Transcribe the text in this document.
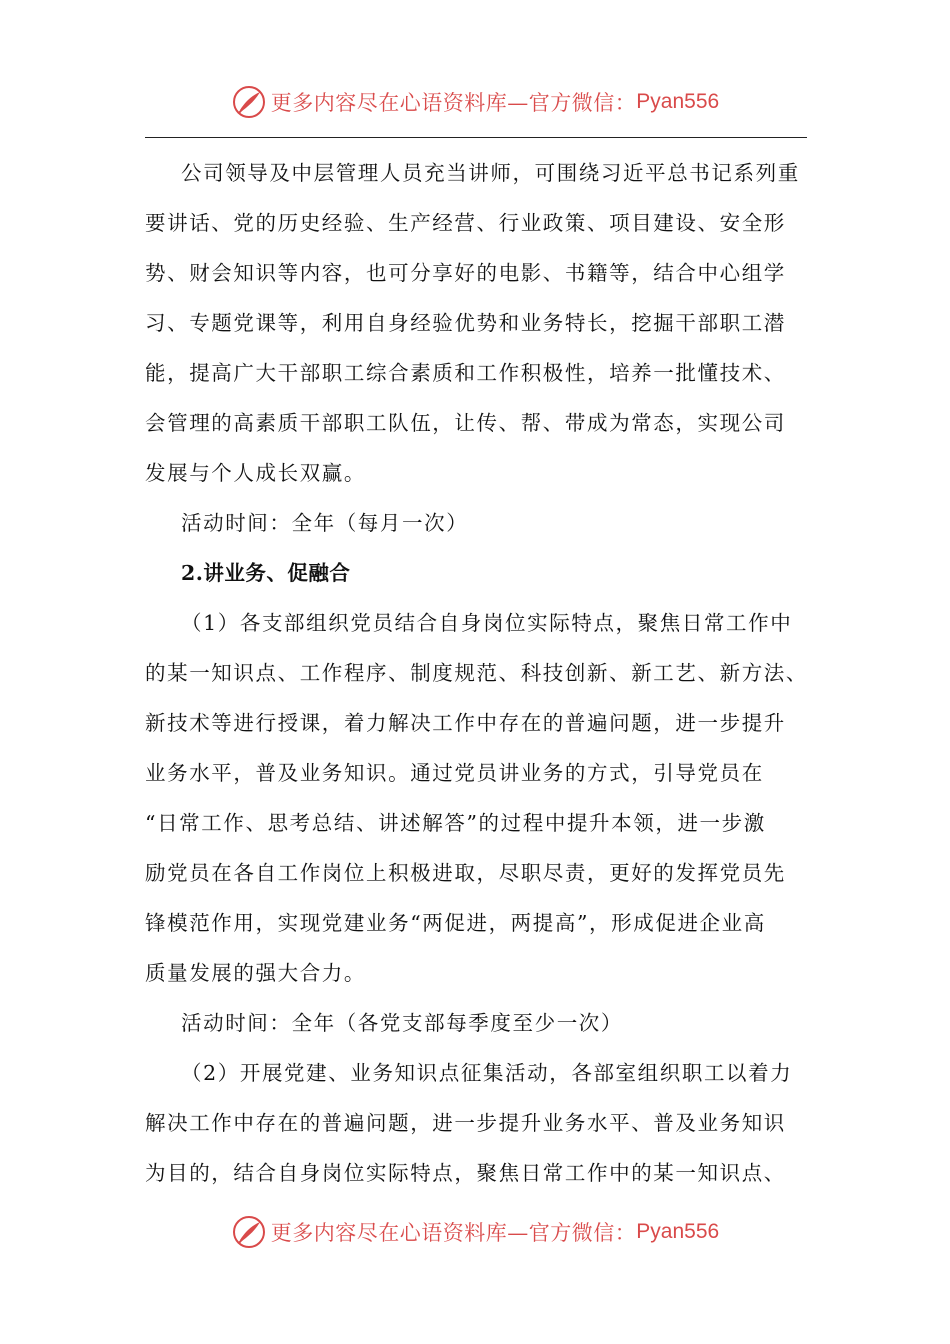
更多内容尽在心语资料库—官方微信： Pyan556
公司领导及中层管理人员充当讲师，可围绕习近平总书记系列重
要讲话、党的历史经验、生产经营、行业政策、项目建设、安全形
势、财会知识等内容，也可分享好的电影、书籍等，结合中心组学
习、专题党课等，利用自身经验优势和业务特长，挖掘干部职工潜
能，提高广大干部职工综合素质和工作积极性，培养一批懂技术、
会管理的高素质干部职工队伍，让传、帮、带成为常态，实现公司
发展与个人成长双赢。
活动时间：全年（每月一次）
2.讲业务、促融合
（1）各支部组织党员结合自身岗位实际特点，聚焦日常工作中
的某一知识点、工作程序、制度规范、科技创新、新工艺、新方法、
新技术等进行授课，着力解决工作中存在的普遍问题，进一步提升
业务水平，普及业务知识。通过党员讲业务的方式，引导党员在
“日常工作、思考总结、讲述解答”的过程中提升本领，进一步激
励党员在各自工作岗位上积极进取，尽职尽责，更好的发挥党员先
锋模范作用，实现党建业务“两促进，两提高”，形成促进企业高
质量发展的强大合力。
活动时间：全年（各党支部每季度至少一次）
（2）开展党建、业务知识点征集活动，各部室组织职工以着力
解决工作中存在的普遍问题，进一步提升业务水平、普及业务知识
为目的，结合自身岗位实际特点，聚焦日常工作中的某一知识点、
更多内容尽在心语资料库—官方微信： Pyan556
